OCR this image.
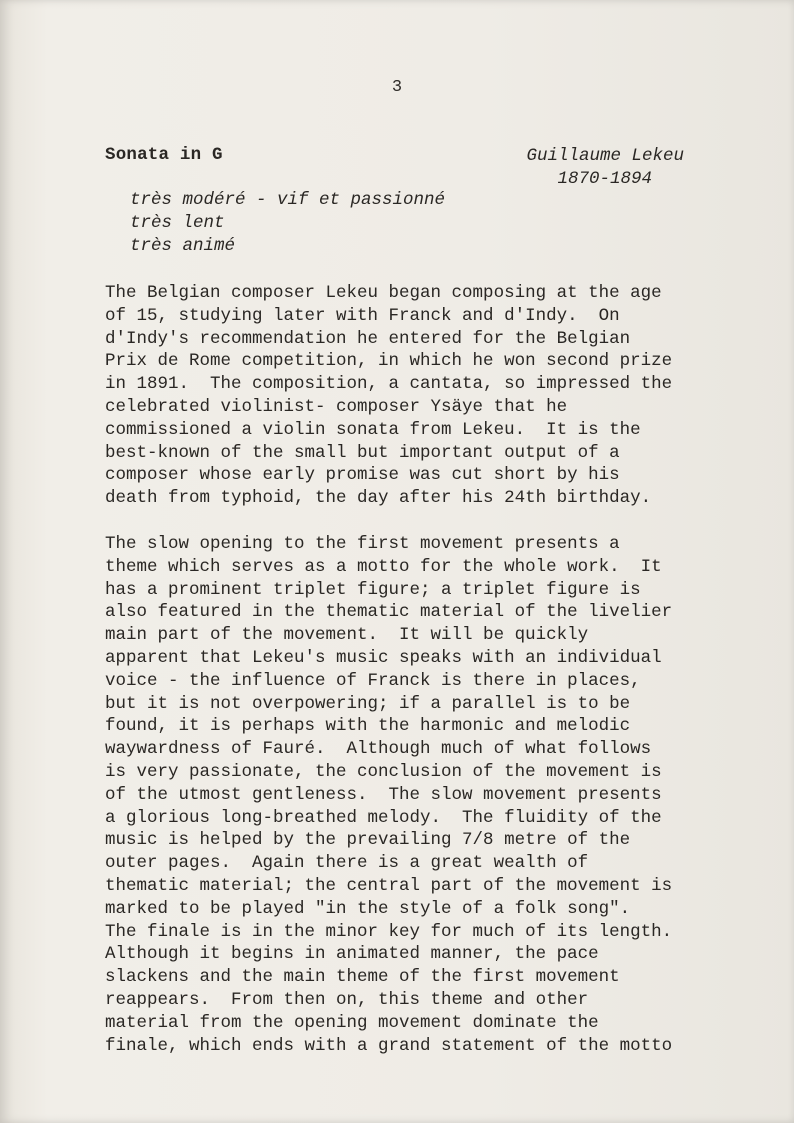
3
Sonata in G	Guillaume Lekeu
1870-1894
très modéré - vif et passionné
très lent
très animé

The Belgian composer Lekeu began composing at the age
of 15, studying later with Franck and d'Indy.  On
d'Indy's recommendation he entered for the Belgian
Prix de Rome competition, in which he won second prize
in 1891.  The composition, a cantata, so impressed the
celebrated violinist- composer Ysäye that he
commissioned a violin sonata from Lekeu.  It is the
best-known of the small but important output of a
composer whose early promise was cut short by his
death from typhoid, the day after his 24th birthday.

The slow opening to the first movement presents a
theme which serves as a motto for the whole work.  It
has a prominent triplet figure; a triplet figure is
also featured in the thematic material of the livelier
main part of the movement.  It will be quickly
apparent that Lekeu's music speaks with an individual
voice - the influence of Franck is there in places,
but it is not overpowering; if a parallel is to be
found, it is perhaps with the harmonic and melodic
waywardness of Fauré.  Although much of what follows
is very passionate, the conclusion of the movement is
of the utmost gentleness.  The slow movement presents
a glorious long-breathed melody.  The fluidity of the
music is helped by the prevailing 7/8 metre of the
outer pages.  Again there is a great wealth of
thematic material; the central part of the movement is
marked to be played "in the style of a folk song".
The finale is in the minor key for much of its length.
Although it begins in animated manner, the pace
slackens and the main theme of the first movement
reappears.  From then on, this theme and other
material from the opening movement dominate the
finale, which ends with a grand statement of the motto
